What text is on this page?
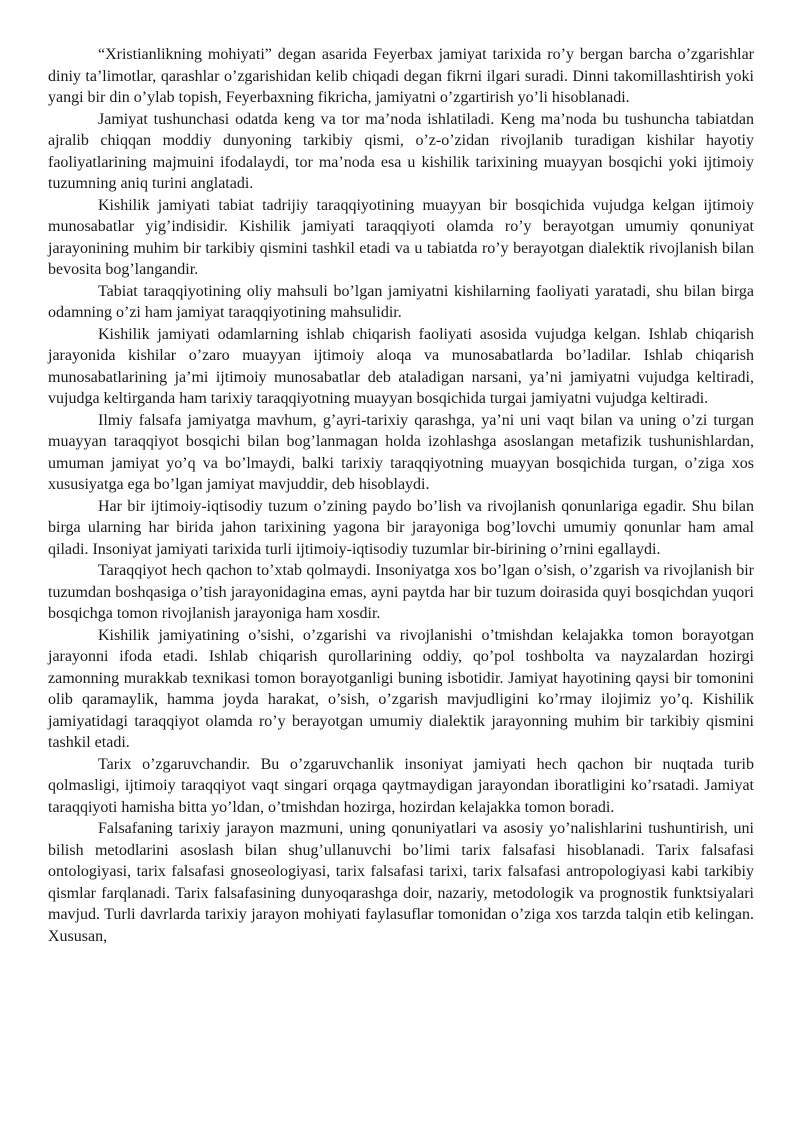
“Xristianlikning mohiyati” degan asarida Feyerbax jamiyat tarixida ro’y bergan barcha o’zgarishlar diniy ta’limotlar, qarashlar o’zgarishidan kelib chiqadi degan fikrni ilgari suradi. Dinni takomillashtirish yoki yangi bir din o’ylab topish, Feyerbaxning fikricha, jamiyatni o’zgartirish yo’li hisoblanadi.

Jamiyat tushunchasi odatda keng va tor ma’noda ishlatiladi. Keng ma’noda bu tushuncha tabiatdan ajralib chiqqan moddiy dunyoning tarkibiy qismi, o’z-o’zidan rivojlanib turadigan kishilar hayotiy faoliyatlarining majmuini ifodalaydi, tor ma’noda esa u kishilik tarixining muayyan bosqichi yoki ijtimoiy tuzumning aniq turini anglatadi.

Kishilik jamiyati tabiat tadrijiy taraqqiyotining muayyan bir bosqichida vujudga kelgan ijtimoiy munosabatlar yig’indisidir. Kishilik jamiyati taraqqiyoti olamda ro’y berayotgan umumiy qonuniyat jarayonining muhim bir tarkibiy qismini tashkil etadi va u tabiatda ro’y berayotgan dialektik rivojlanish bilan bevosita bog’langandir.

Tabiat taraqqiyotining oliy mahsuli bo’lgan jamiyatni kishilarning faoliyati yaratadi, shu bilan birga odamning o’zi ham jamiyat taraqqiyotining mahsulidir.

Kishilik jamiyati odamlarning ishlab chiqarish faoliyati asosida vujudga kelgan. Ishlab chiqarish jarayonida kishilar o’zaro muayyan ijtimoiy aloqa va munosabatlarda bo’ladilar. Ishlab chiqarish munosabatlarining ja’mi ijtimoiy munosabatlar deb ataladigan narsani, ya’ni jamiyatni vujudga keltiradi, vujudga keltirganda ham tarixiy taraqqiyotning muayyan bosqichida turgai jamiyatni vujudga keltiradi.

Ilmiy falsafa jamiyatga mavhum, g’ayri-tarixiy qarashga, ya’ni uni vaqt bilan va uning o’zi turgan muayyan taraqqiyot bosqichi bilan bog’lanmagan holda izohlashga asoslangan metafizik tushunishlardan, umuman jamiyat yo’q va bo’lmaydi, balki tarixiy taraqqiyotning muayyan bosqichida turgan, o’ziga xos xususiyatga ega bo’lgan jamiyat mavjuddir, deb hisoblaydi.

Har bir ijtimoiy-iqtisodiy tuzum o’zining paydo bo’lish va rivojlanish qonunlariga egadir. Shu bilan birga ularning har birida jahon tarixining yagona bir jarayoniga bog’lovchi umumiy qonunlar ham amal qiladi. Insoniyat jamiyati tarixida turli ijtimoiy-iqtisodiy tuzumlar bir-birining o’rnini egallaydi.

Taraqqiyot hech qachon to’xtab qolmaydi. Insoniyatga xos bo’lgan o’sish, o’zgarish va rivojlanish bir tuzumdan boshqasiga o’tish jarayonidagina emas, ayni paytda har bir tuzum doirasida quyi bosqichdan yuqori bosqichga tomon rivojlanish jarayoniga ham xosdir.

Kishilik jamiyatining o’sishi, o’zgarishi va rivojlanishi o’tmishdan kelajakka tomon borayotgan jarayonni ifoda etadi. Ishlab chiqarish qurollarining oddiy, qo’pol toshbolta va nayzalardan hozirgi zamonning murakkab texnikasi tomon borayotganligi buning isbotidir. Jamiyat hayotining qaysi bir tomonini olib qaramaylik, hamma joyda harakat, o’sish, o’zgarish mavjudligini ko’rmay ilojimiz yo’q. Kishilik jamiyatidagi taraqqiyot olamda ro’y berayotgan umumiy dialektik jarayonning muhim bir tarkibiy qismini tashkil etadi.

Tarix o’zgaruvchandir. Bu o’zgaruvchanlik insoniyat jamiyati hech qachon bir nuqtada turib qolmasligi, ijtimoiy taraqqiyot vaqt singari orqaga qaytmaydigan jarayondan iboratligini ko’rsatadi. Jamiyat taraqqiyoti hamisha bitta yo’ldan, o’tmishdan hozirga, hozirdan kelajakka tomon boradi.

Falsafaning tarixiy jarayon mazmuni, uning qonuniyatlari va asosiy yo’nalishlarini tushuntirish, uni bilish metodlarini asoslash bilan shug’ullanuvchi bo’limi tarix falsafasi hisoblanadi. Tarix falsafasi ontologiyasi, tarix falsafasi gnoseologiyasi, tarix falsafasi tarixi, tarix falsafasi antropologiyasi kabi tarkibiy qismlar farqlanadi. Tarix falsafasining dunyoqarashga doir, nazariy, metodologik va prognostik funktsiyalari mavjud. Turli davrlarda tarixiy jarayon mohiyati faylasuflar tomonidan o’ziga xos tarzda talqin etib kelingan. Xususan,
